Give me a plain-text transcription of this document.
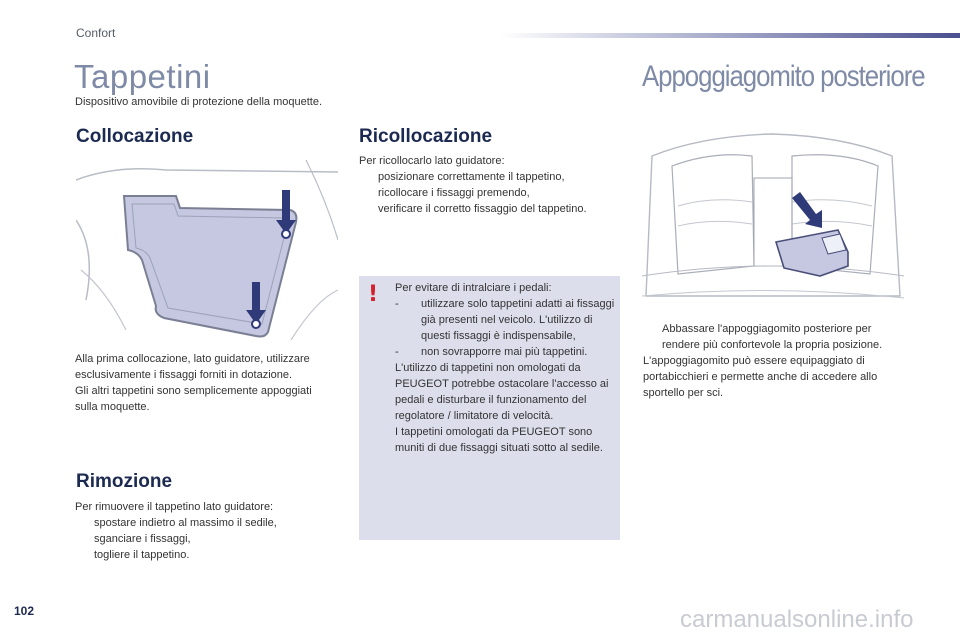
Confort
Tappetini
Dispositivo amovibile di protezione della moquette.
Appoggiagomito posteriore
Collocazione
Alla prima collocazione, lato guidatore, utilizzare esclusivamente i fissaggi forniti in dotazione.
Gli altri tappetini sono semplicemente appoggiati sulla moquette.
Rimozione
Per rimuovere il tappetino lato guidatore:
spostare indietro al massimo il sedile,
sganciare i fissaggi,
togliere il tappetino.
Ricollocazione
Per ricollocarlo lato guidatore:
posizionare correttamente il tappetino,
ricollocare i fissaggi premendo,
verificare il corretto fissaggio del tappetino.
! Per evitare di intralciare i pedali:
-	utilizzare solo tappetini adatti ai fissaggi già presenti nel veicolo. L'utilizzo di questi fissaggi è indispensabile,
-	non sovrapporre mai più tappetini.
L'utilizzo di tappetini non omologati da PEUGEOT potrebbe ostacolare l'accesso ai pedali e disturbare il funzionamento del regolatore / limitatore di velocità.
I tappetini omologati da PEUGEOT sono muniti di due fissaggi situati sotto al sedile.
Abbassare l'appoggiagomito posteriore per rendere più confortevole la propria posizione.
L'appoggiagomito può essere equipaggiato di portabicchieri e permette anche di accedere allo sportello per sci.
102	carmanualsonline.info
